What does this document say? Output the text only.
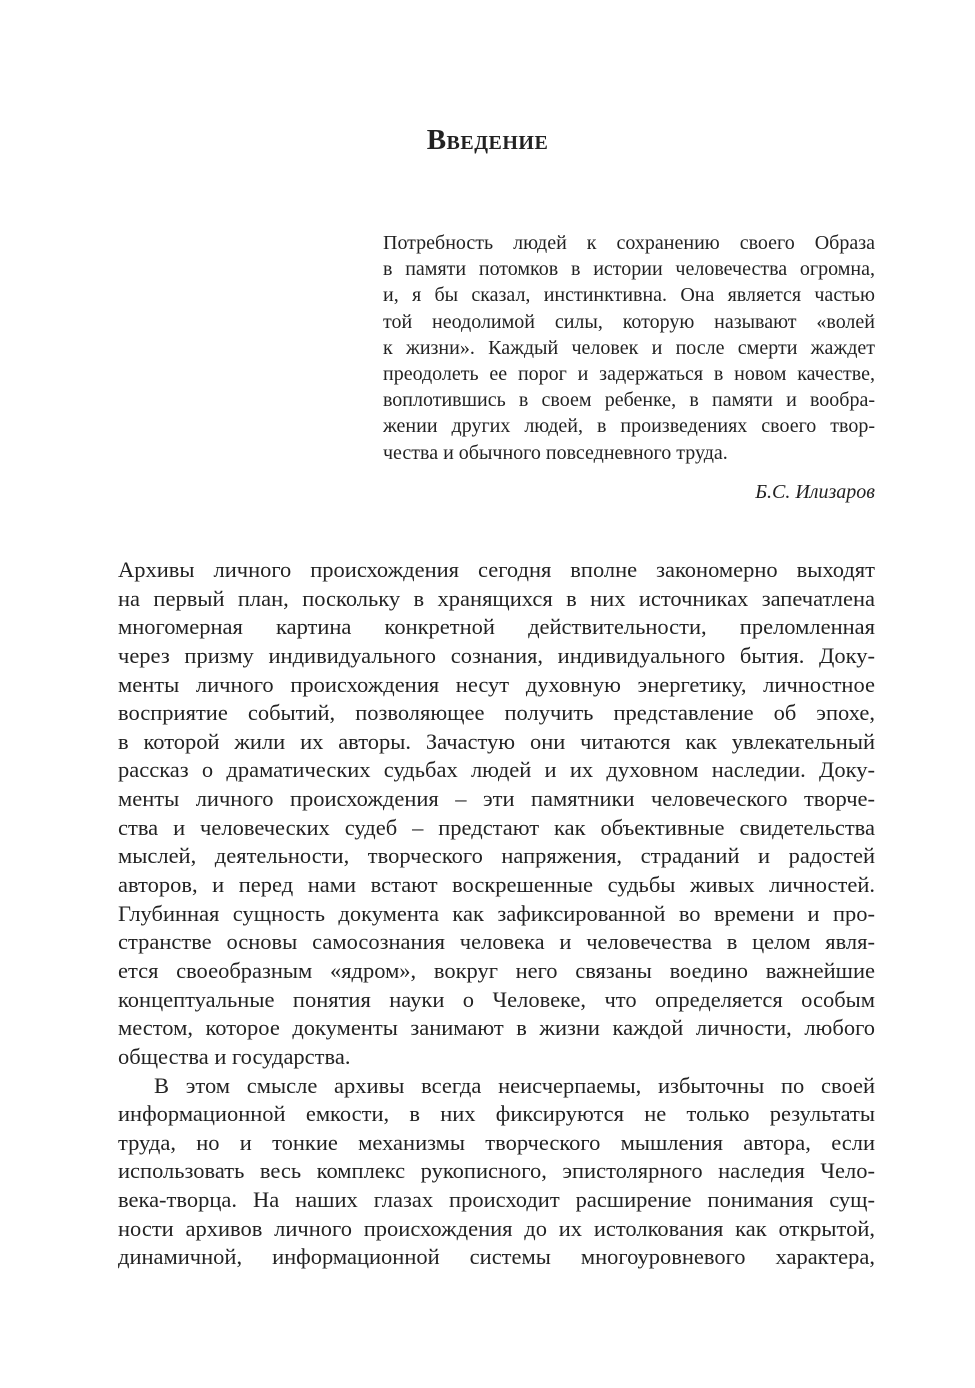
Введение
Потребность людей к сохранению своего Образа
в памяти потомков в истории человечества огромна,
и, я бы сказал, инстинктивна. Она является частью
той неодолимой силы, которую называют «волей
к жизни». Каждый человек и после смерти жаждет
преодолеть ее порог и задержаться в новом качестве,
воплотившись в своем ребенке, в памяти и вообра-
жении других людей, в произведениях своего твор-
чества и обычного повседневного труда.
Б.С. Илизаров
Архивы личного происхождения сегодня вполне закономерно выходят
на первый план, поскольку в хранящихся в них источниках запечатлена
многомерная картина конкретной действительности, преломленная
через призму индивидуального сознания, индивидуального бытия. Доку-
менты личного происхождения несут духовную энергетику, личностное
восприятие событий, позволяющее получить представление об эпохе,
в которой жили их авторы. Зачастую они читаются как увлекательный
рассказ о драматических судьбах людей и их духовном наследии. Доку-
менты личного происхождения – эти памятники человеческого творче-
ства и человеческих судеб – предстают как объективные свидетельства
мыслей, деятельности, творческого напряжения, страданий и радостей
авторов, и перед нами встают воскрешенные судьбы живых личностей.
Глубинная сущность документа как зафиксированной во времени и про-
странстве основы самосознания человека и человечества в целом явля-
ется своеобразным «ядром», вокруг него связаны воедино важнейшие
концептуальные понятия науки о Человеке, что определяется особым
местом, которое документы занимают в жизни каждой личности, любого
общества и государства.
В этом смысле архивы всегда неисчерпаемы, избыточны по своей
информационной емкости, в них фиксируются не только результаты
труда, но и тонкие механизмы творческого мышления автора, если
использовать весь комплекс рукописного, эпистолярного наследия Чело-
века-творца. На наших глазах происходит расширение понимания сущ-
ности архивов личного происхождения до их истолкования как открытой,
динамичной, информационной системы многоуровневого характера,
